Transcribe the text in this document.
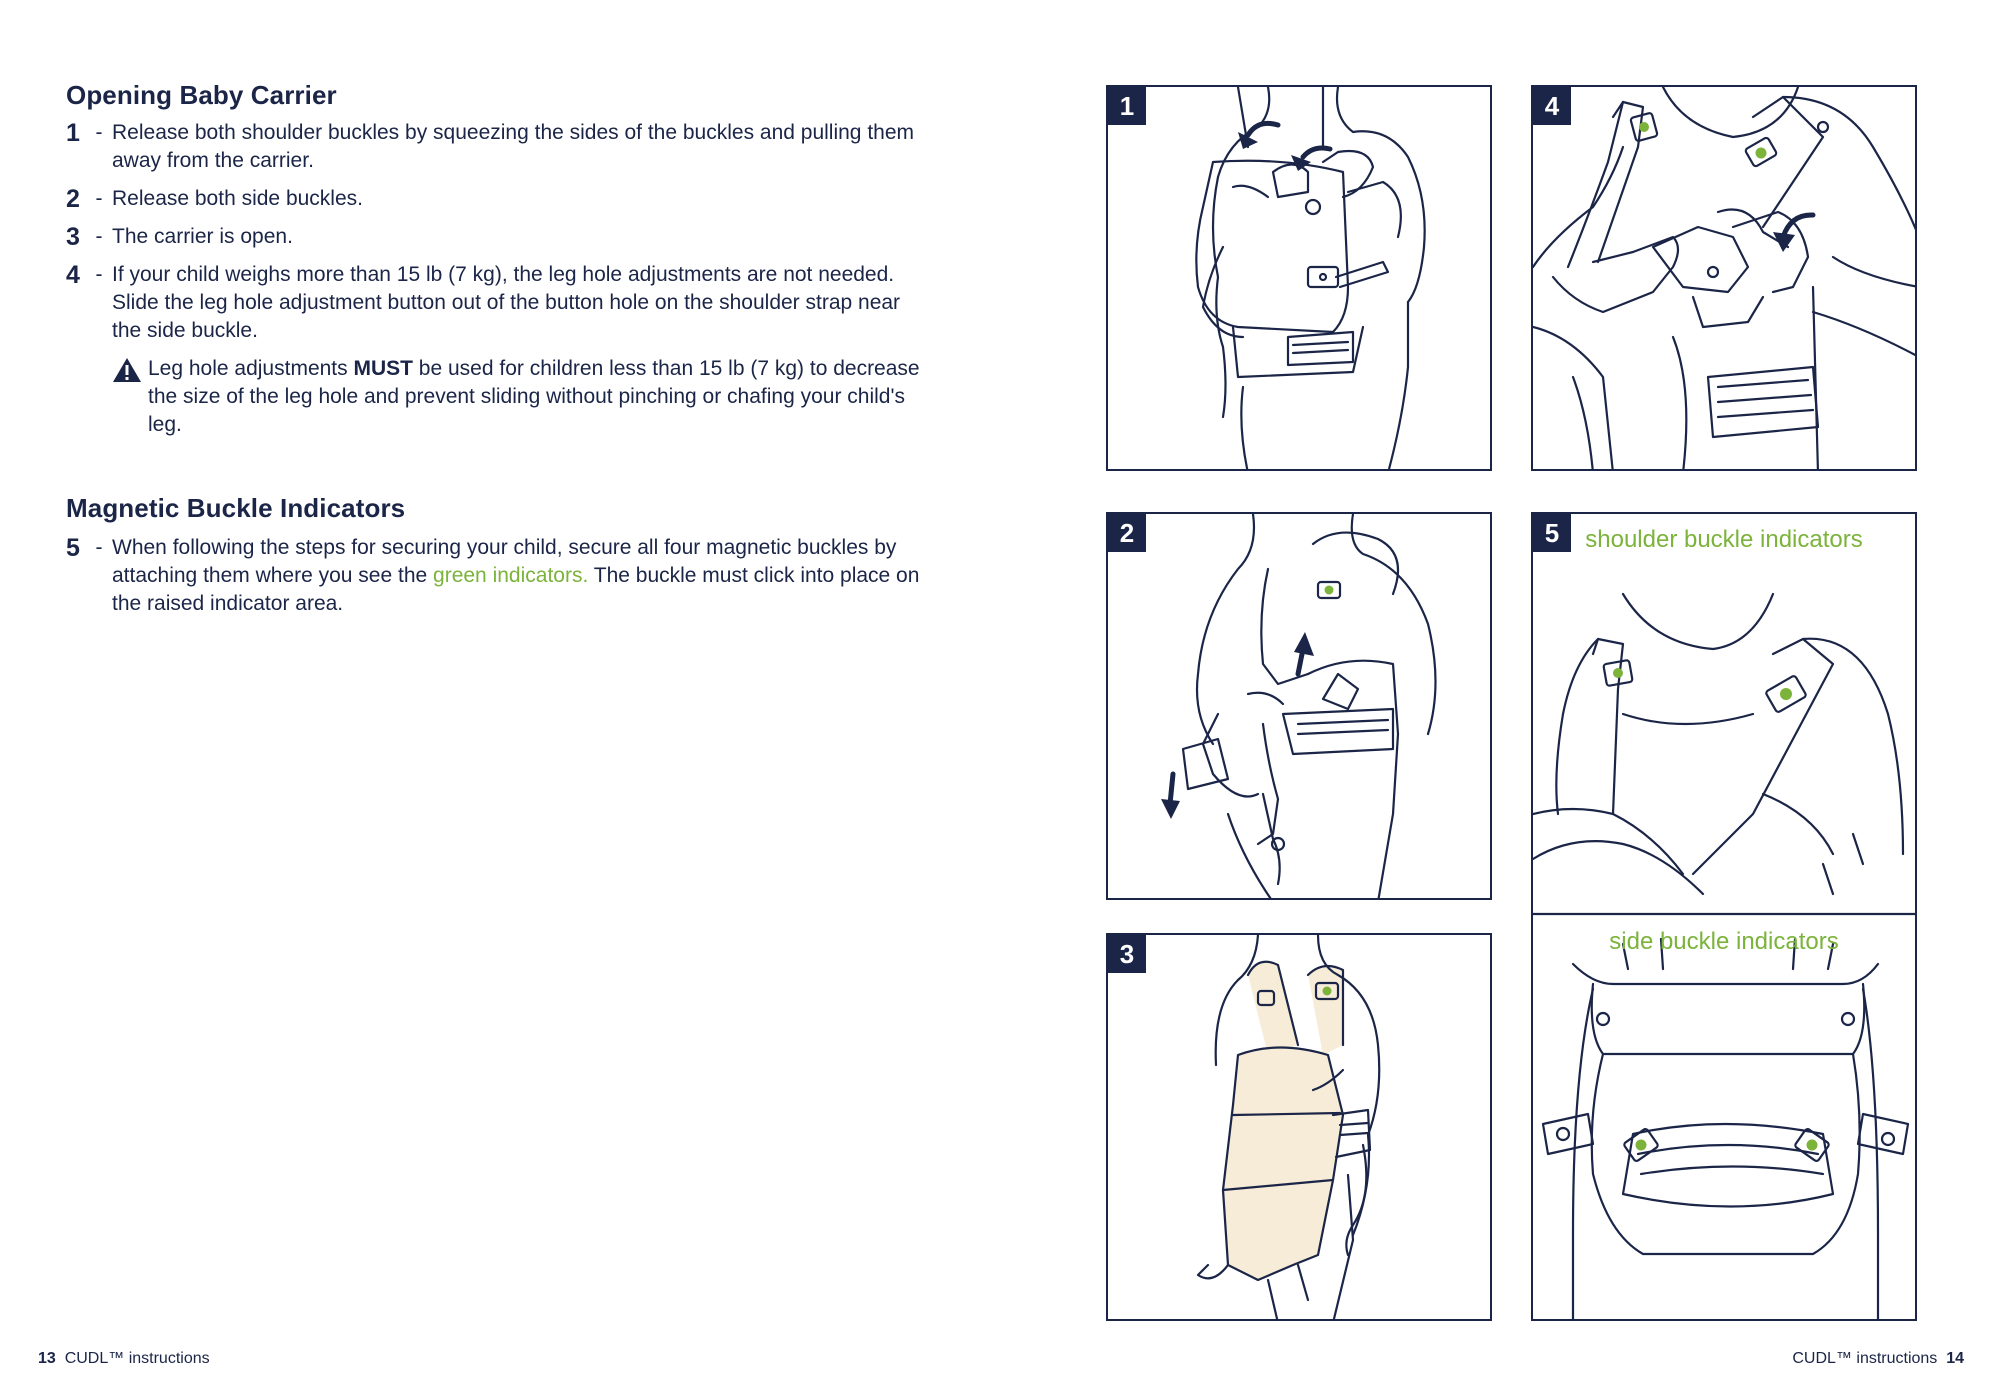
Opening Baby Carrier
1 - Release both shoulder buckles by squeezing the sides of the buckles and pulling them away from the carrier.
2 - Release both side buckles.
3 - The carrier is open.
4 - If your child weighs more than 15 lb (7 kg), the leg hole adjustments are not needed. Slide the leg hole adjustment button out of the button hole on the shoulder strap near the side buckle.
Leg hole adjustments MUST be used for children less than 15 lb (7 kg) to decrease the size of the leg hole and prevent sliding without pinching or chafing your child's leg.
Magnetic Buckle Indicators
5 - When following the steps for securing your child, secure all four magnetic buckles by attaching them where you see the green indicators. The buckle must click into place on the raised indicator area.
1
2
3
4
5	shoulder buckle indicators
side buckle indicators
13 CUDL™ instructions	CUDL™ instructions 14
